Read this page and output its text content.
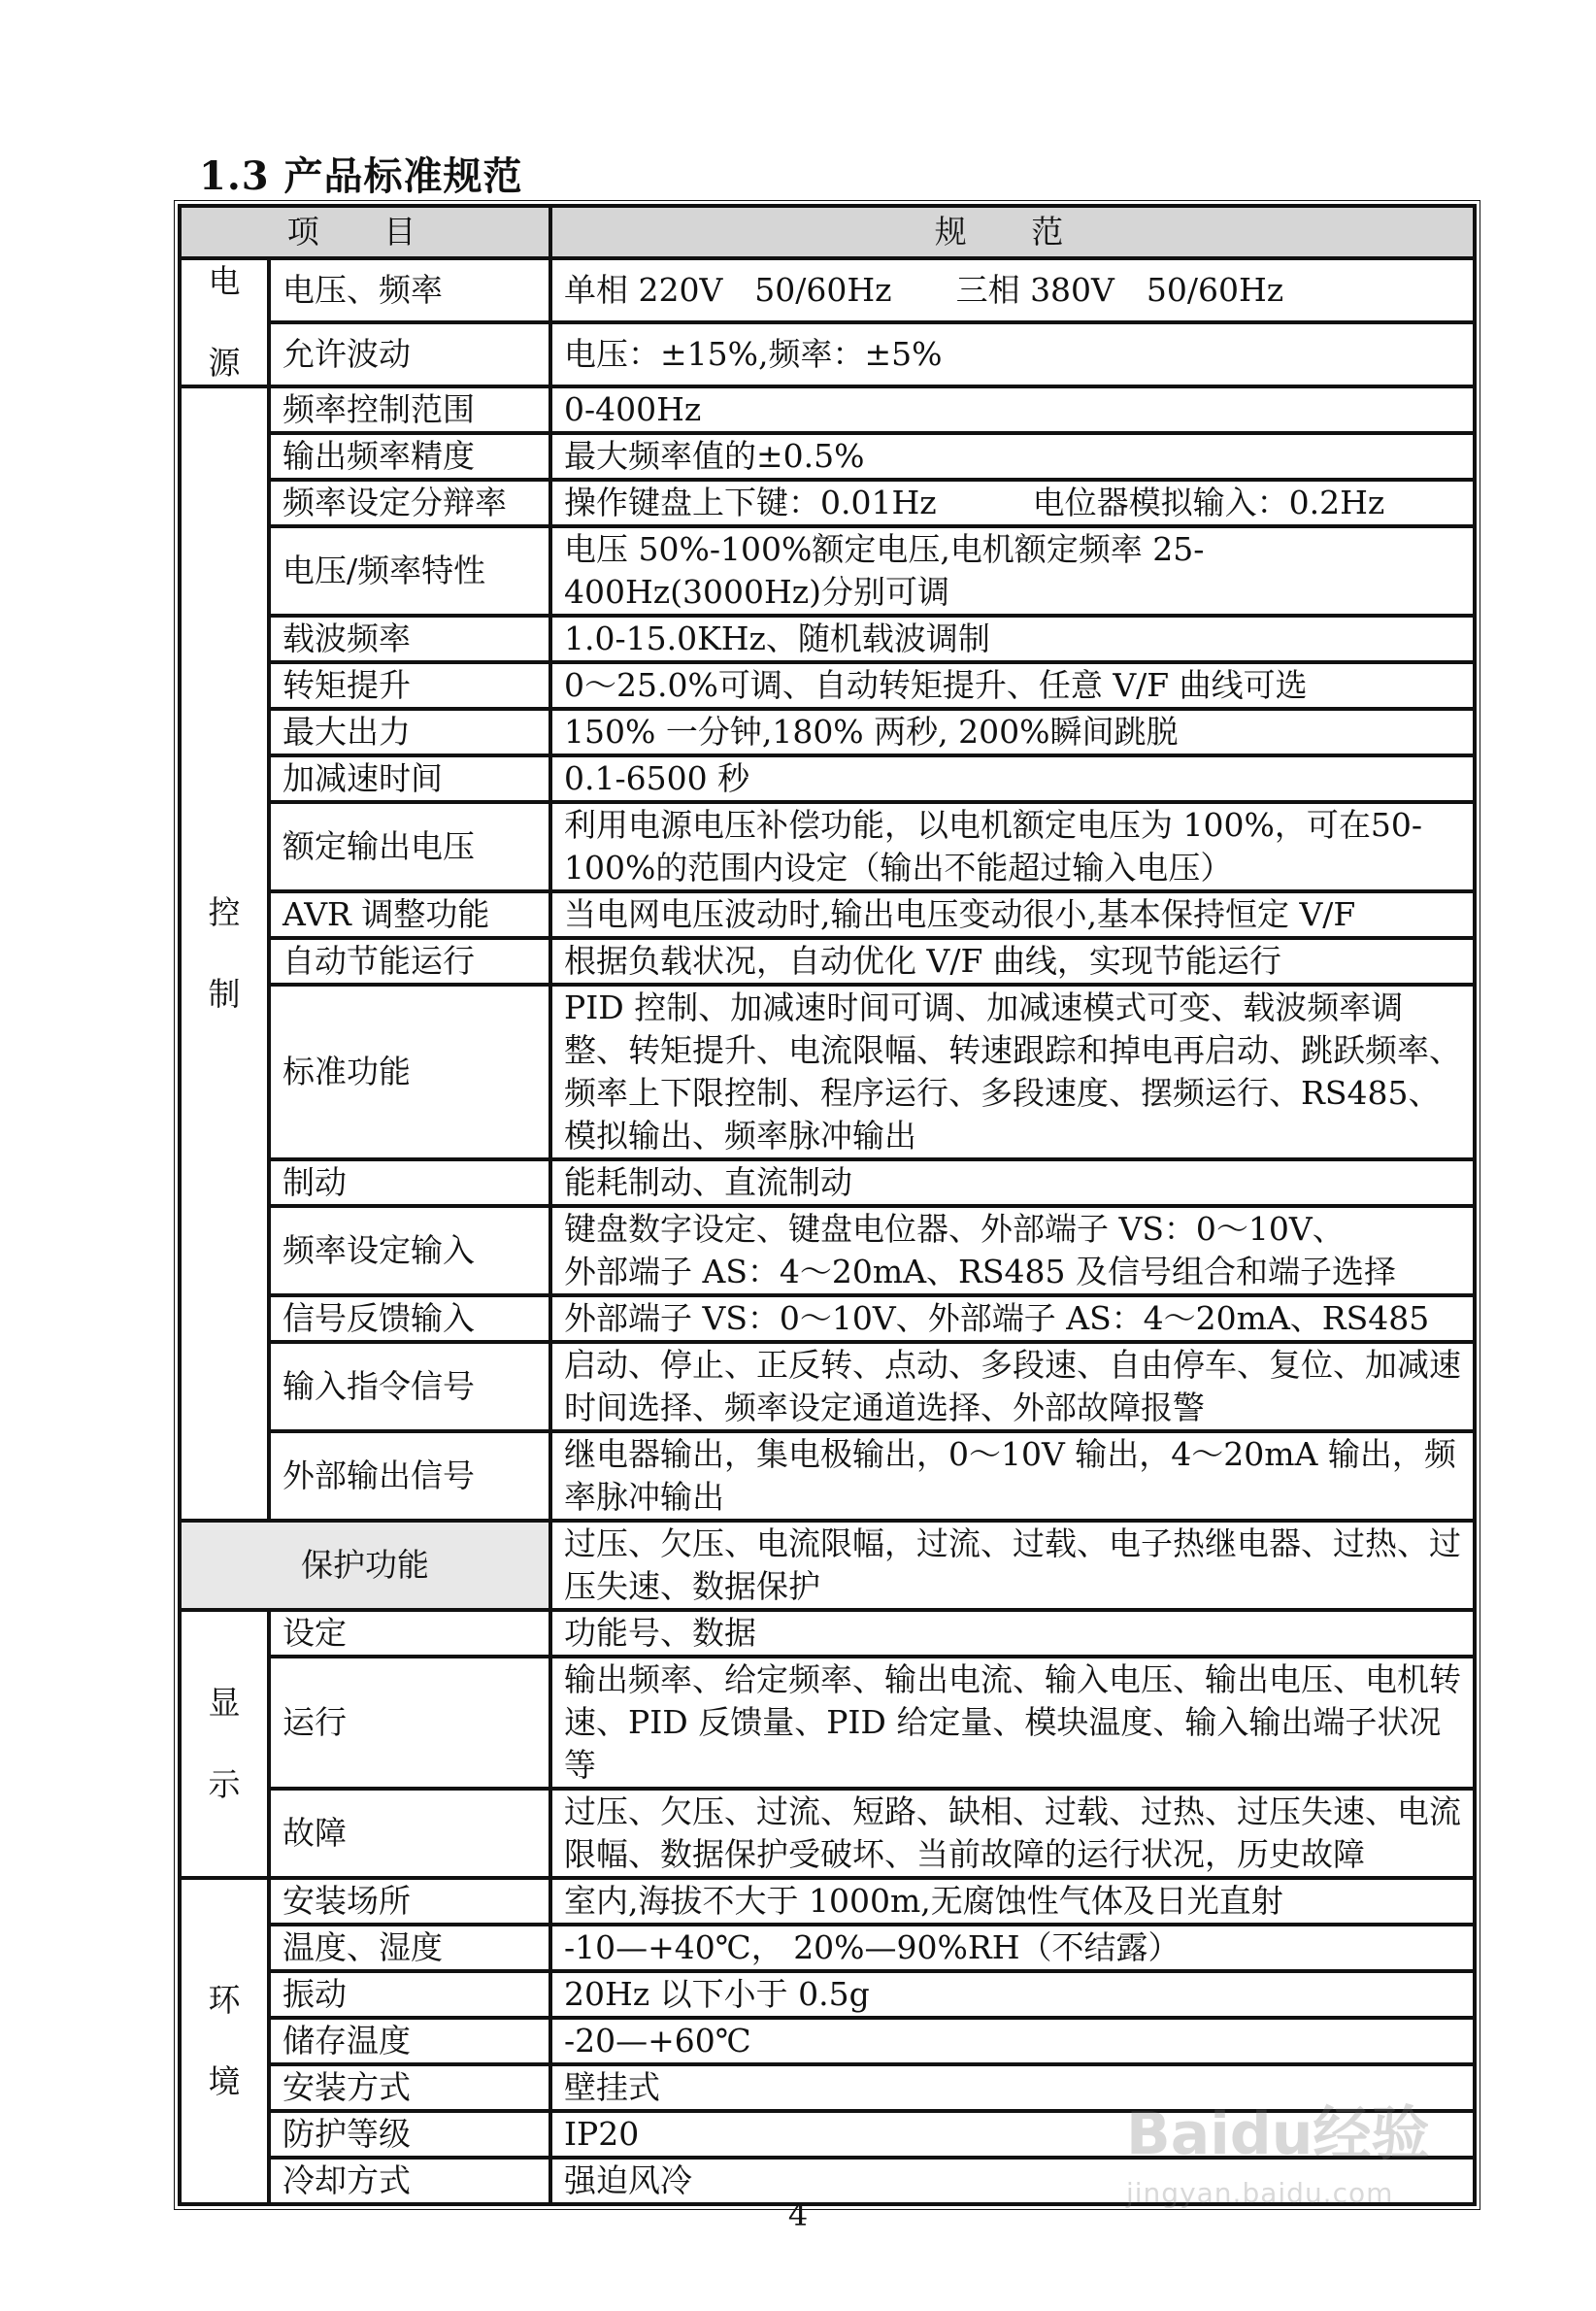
1.3 产品标准规范
项 目		规 范

电
源	电压、频率	单相 220V　50/60Hz　　三相 380V　50/60Hz
	允许波动	电压：±15%,频率：±5%

控
制	频率控制范围	0-400Hz
	输出频率精度	最大频率值的±0.5%
	频率设定分辩率	操作键盘上下键：0.01Hz　　　电位器模拟输入：0.2Hz
	电压/频率特性	电压 50%-100%额定电压,电机额定频率 25-400Hz(3000Hz)分别可调
	载波频率	1.0-15.0KHz、随机载波调制
	转矩提升	0～25.0%可调、自动转矩提升、任意 V/F 曲线可选
	最大出力	150% 一分钟,180% 两秒, 200%瞬间跳脱
	加减速时间	0.1-6500 秒
	额定输出电压	利用电源电压补偿功能，以电机额定电压为 100%，可在50-100%的范围内设定（输出不能超过输入电压）
	AVR 调整功能	当电网电压波动时,输出电压变动很小,基本保持恒定 V/F
	自动节能运行	根据负载状况，自动优化 V/F 曲线，实现节能运行
	标准功能	PID 控制、加减速时间可调、加减速模式可变、载波频率调整、转矩提升、电流限幅、转速跟踪和掉电再启动、跳跃频率、频率上下限控制、程序运行、多段速度、摆频运行、RS485、模拟输出、频率脉冲输出
	制动	能耗制动、直流制动
	频率设定输入	键盘数字设定、键盘电位器、外部端子 VS：0～10V、
外部端子 AS：4～20mA、RS485 及信号组合和端子选择
	信号反馈输入	外部端子 VS：0～10V、外部端子 AS：4～20mA、RS485
	输入指令信号	启动、停止、正反转、点动、多段速、自由停车、复位、加减速时间选择、频率设定通道选择、外部故障报警
	外部输出信号	继电器输出，集电极输出，0～10V 输出，4～20mA 输出，频率脉冲输出
保护功能		过压、欠压、电流限幅，过流、过载、电子热继电器、过热、过压失速、数据保护

显
示	设定	功能号、数据
	运行	输出频率、给定频率、输出电流、输入电压、输出电压、电机转速、PID 反馈量、PID 给定量、模块温度、输入输出端子状况等
	故障	过压、欠压、过流、短路、缺相、过载、过热、过压失速、电流限幅、数据保护受破坏、当前故障的运行状况，历史故障

环
境	安装场所	室内,海拔不大于 1000m,无腐蚀性气体及日光直射
	温度、湿度	-10—+40℃， 20%—90%RH（不结露）
	振动	20Hz 以下小于 0.5g
	储存温度	-20—+60℃
	安装方式	壁挂式
	防护等级	IP20
	冷却方式	强迫风冷
4
Baidu经验
jingyan.baidu.com
